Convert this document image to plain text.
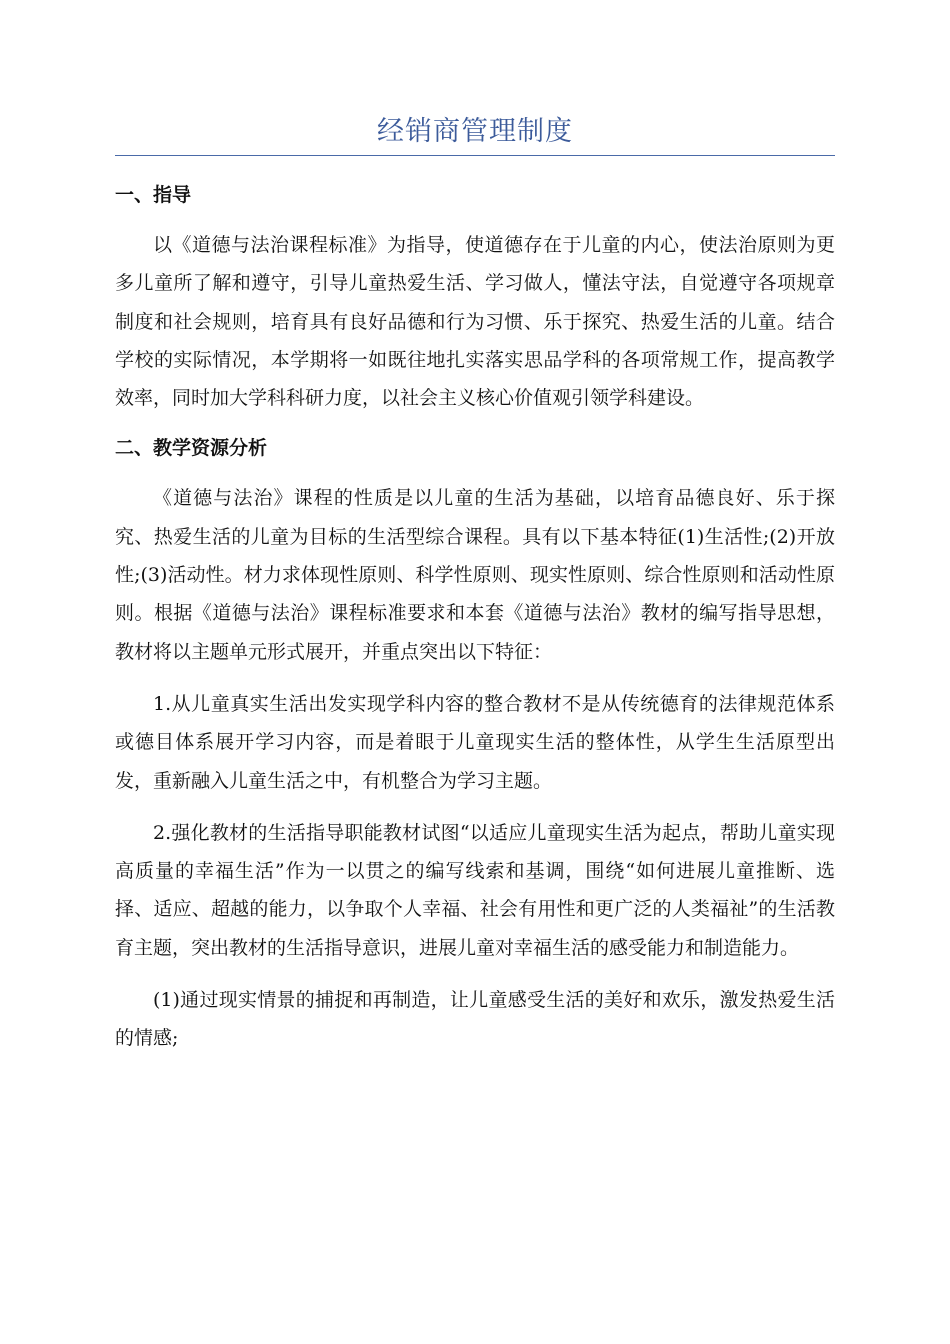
经销商管理制度
一、指导

以《道德与法治课程标准》为指导，使道德存在于儿童的内心，使法治原则为更多儿童所了解和遵守，引导儿童热爱生活、学习做人，懂法守法，自觉遵守各项规章制度和社会规则，培育具有良好品德和行为习惯、乐于探究、热爱生活的儿童。结合学校的实际情况，本学期将一如既往地扎实落实思品学科的各项常规工作，提高教学效率，同时加大学科科研力度，以社会主义核心价值观引领学科建设。

二、教学资源分析

《道德与法治》课程的性质是以儿童的生活为基础，以培育品德良好、乐于探究、热爱生活的儿童为目标的生活型综合课程。具有以下基本特征(1)生活性;(2)开放性;(3)活动性。材力求体现性原则、科学性原则、现实性原则、综合性原则和活动性原则。根据《道德与法治》课程标准要求和本套《道德与法治》教材的编写指导思想，教材将以主题单元形式展开，并重点突出以下特征：

1.从儿童真实生活出发实现学科内容的整合教材不是从传统德育的法律规范体系或德目体系展开学习内容，而是着眼于儿童现实生活的整体性，从学生生活原型出发，重新融入儿童生活之中，有机整合为学习主题。

2.强化教材的生活指导职能教材试图“以适应儿童现实生活为起点，帮助儿童实现高质量的幸福生活”作为一以贯之的编写线索和基调，围绕“如何进展儿童推断、选择、适应、超越的能力，以争取个人幸福、社会有用性和更广泛的人类福祉”的生活教育主题，突出教材的生活指导意识，进展儿童对幸福生活的感受能力和制造能力。

(1)通过现实情景的捕捉和再制造，让儿童感受生活的美好和欢乐，激发热爱生活的情感;
